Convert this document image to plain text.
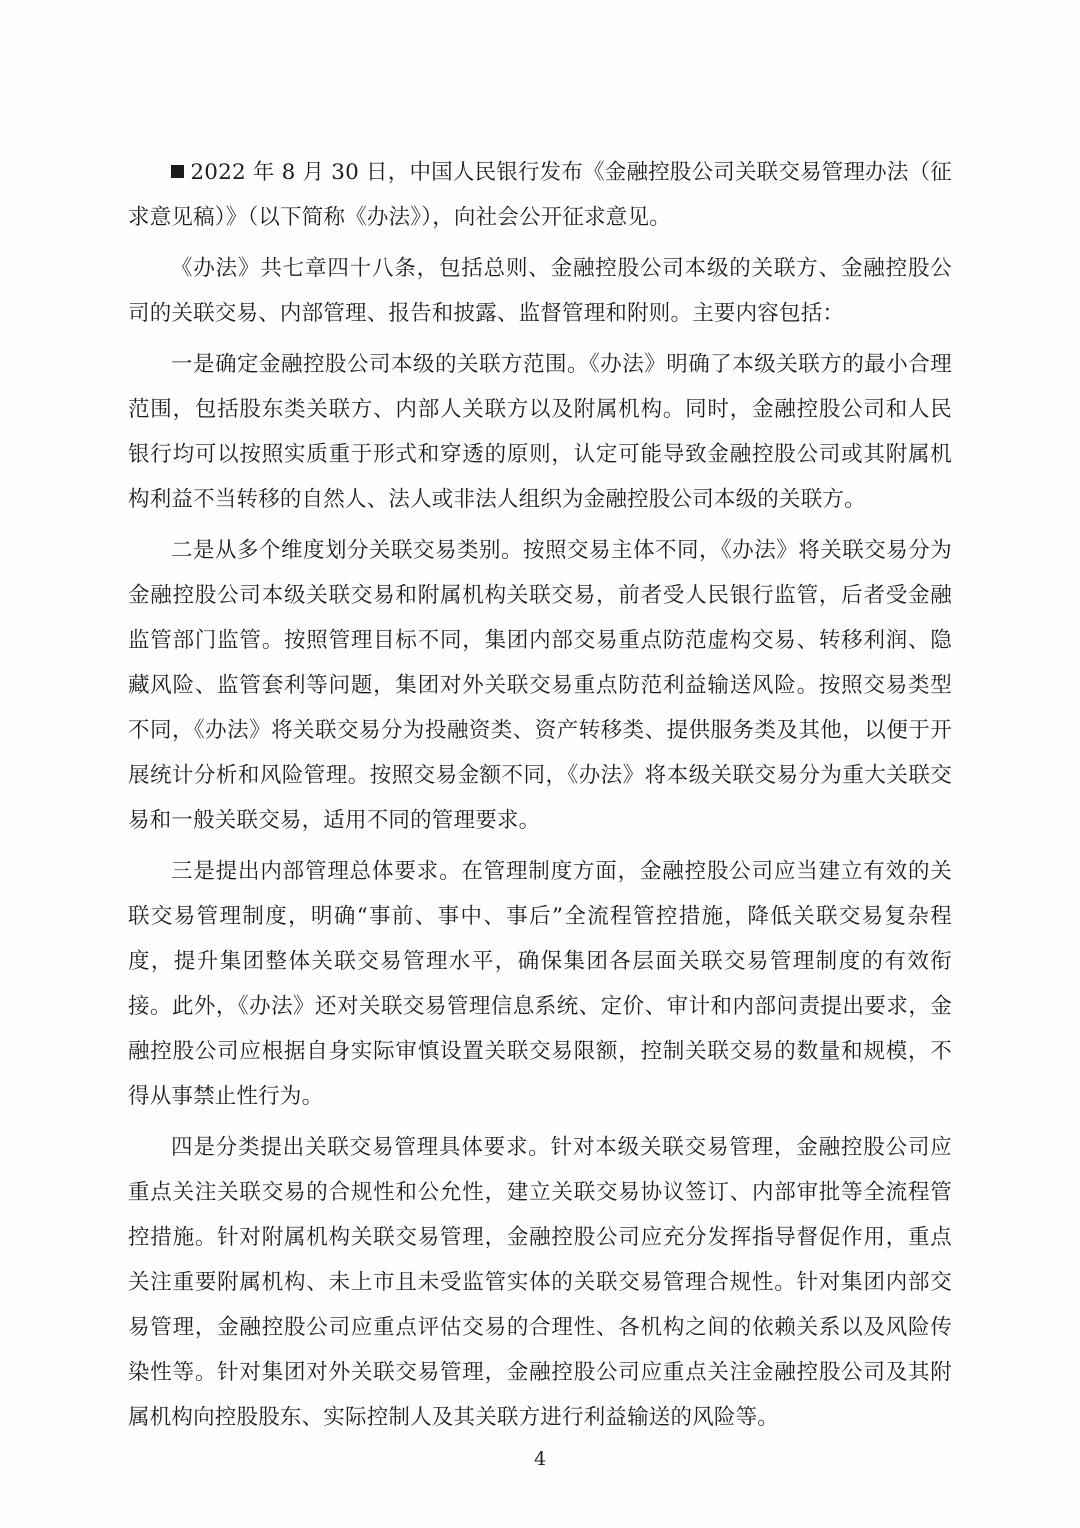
2022 年 8 月 30 日，中国人民银行发布《金融控股公司关联交易管理办法（征求意见稿）》（以下简称《办法》），向社会公开征求意见。

《办法》共七章四十八条，包括总则、金融控股公司本级的关联方、金融控股公司的关联交易、内部管理、报告和披露、监督管理和附则。主要内容包括：

一是确定金融控股公司本级的关联方范围。《办法》明确了本级关联方的最小合理范围，包括股东类关联方、内部人关联方以及附属机构。同时，金融控股公司和人民银行均可以按照实质重于形式和穿透的原则，认定可能导致金融控股公司或其附属机构利益不当转移的自然人、法人或非法人组织为金融控股公司本级的关联方。

二是从多个维度划分关联交易类别。按照交易主体不同，《办法》将关联交易分为金融控股公司本级关联交易和附属机构关联交易，前者受人民银行监管，后者受金融监管部门监管。按照管理目标不同，集团内部交易重点防范虚构交易、转移利润、隐藏风险、监管套利等问题，集团对外关联交易重点防范利益输送风险。按照交易类型不同，《办法》将关联交易分为投融资类、资产转移类、提供服务类及其他，以便于开展统计分析和风险管理。按照交易金额不同，《办法》将本级关联交易分为重大关联交易和一般关联交易，适用不同的管理要求。

三是提出内部管理总体要求。在管理制度方面，金融控股公司应当建立有效的关联交易管理制度，明确“事前、事中、事后”全流程管控措施，降低关联交易复杂程度，提升集团整体关联交易管理水平，确保集团各层面关联交易管理制度的有效衔接。此外，《办法》还对关联交易管理信息系统、定价、审计和内部问责提出要求，金融控股公司应根据自身实际审慎设置关联交易限额，控制关联交易的数量和规模，不得从事禁止性行为。

四是分类提出关联交易管理具体要求。针对本级关联交易管理，金融控股公司应重点关注关联交易的合规性和公允性，建立关联交易协议签订、内部审批等全流程管控措施。针对附属机构关联交易管理，金融控股公司应充分发挥指导督促作用，重点关注重要附属机构、未上市且未受监管实体的关联交易管理合规性。针对集团内部交易管理，金融控股公司应重点评估交易的合理性、各机构之间的依赖关系以及风险传染性等。针对集团对外关联交易管理，金融控股公司应重点关注金融控股公司及其附属机构向控股股东、实际控制人及其关联方进行利益输送的风险等。

4
